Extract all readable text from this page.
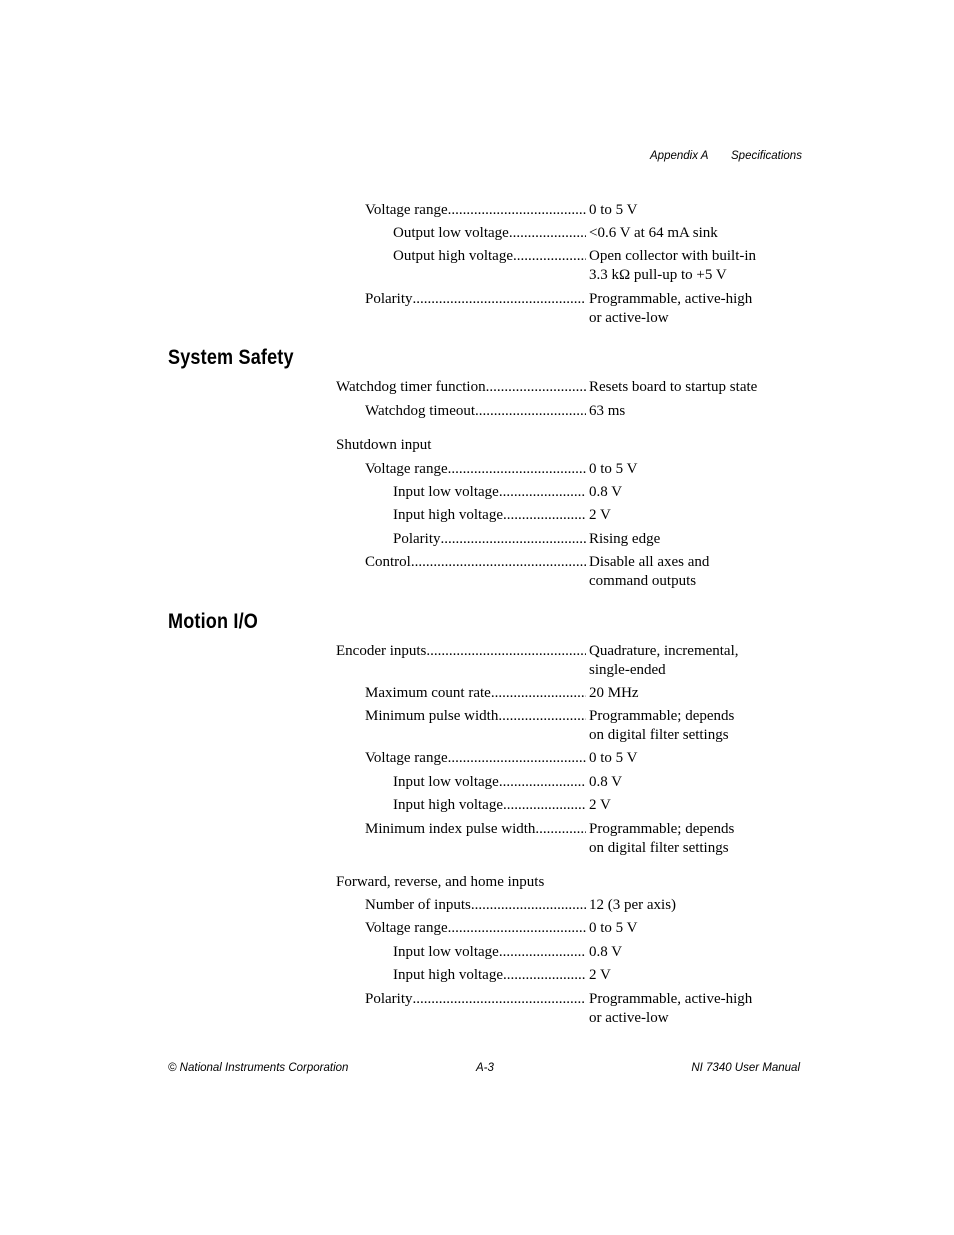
Appendix A Specifications
Voltage range .....	0 to 5 V
Output low voltage .....	<0.6 V at 64 mA sink
Output high voltage .....	Open collector with built-in
3.3 kΩ pull-up to +5 V
Polarity .....	Programmable, active-high
or active-low
System Safety
Watchdog timer function .....	Resets board to startup state
Watchdog timeout .....	63 ms
Shutdown input
Voltage range .....	0 to 5 V
Input low voltage .....	0.8 V
Input high voltage .....	2 V
Polarity .....	Rising edge
Control .....	Disable all axes and
command outputs
Motion I/O
Encoder inputs .....	Quadrature, incremental,
single-ended
Maximum count rate .....	20 MHz
Minimum pulse width .....	Programmable; depends
on digital filter settings
Voltage range .....	0 to 5 V
Input low voltage .....	0.8 V
Input high voltage .....	2 V
Minimum index pulse width .....	Programmable; depends
on digital filter settings
Forward, reverse, and home inputs
Number of inputs .....	12 (3 per axis)
Voltage range .....	0 to 5 V
Input low voltage .....	0.8 V
Input high voltage .....	2 V
Polarity .....	Programmable, active-high
or active-low
© National Instruments Corporation	A-3	NI 7340 User Manual
